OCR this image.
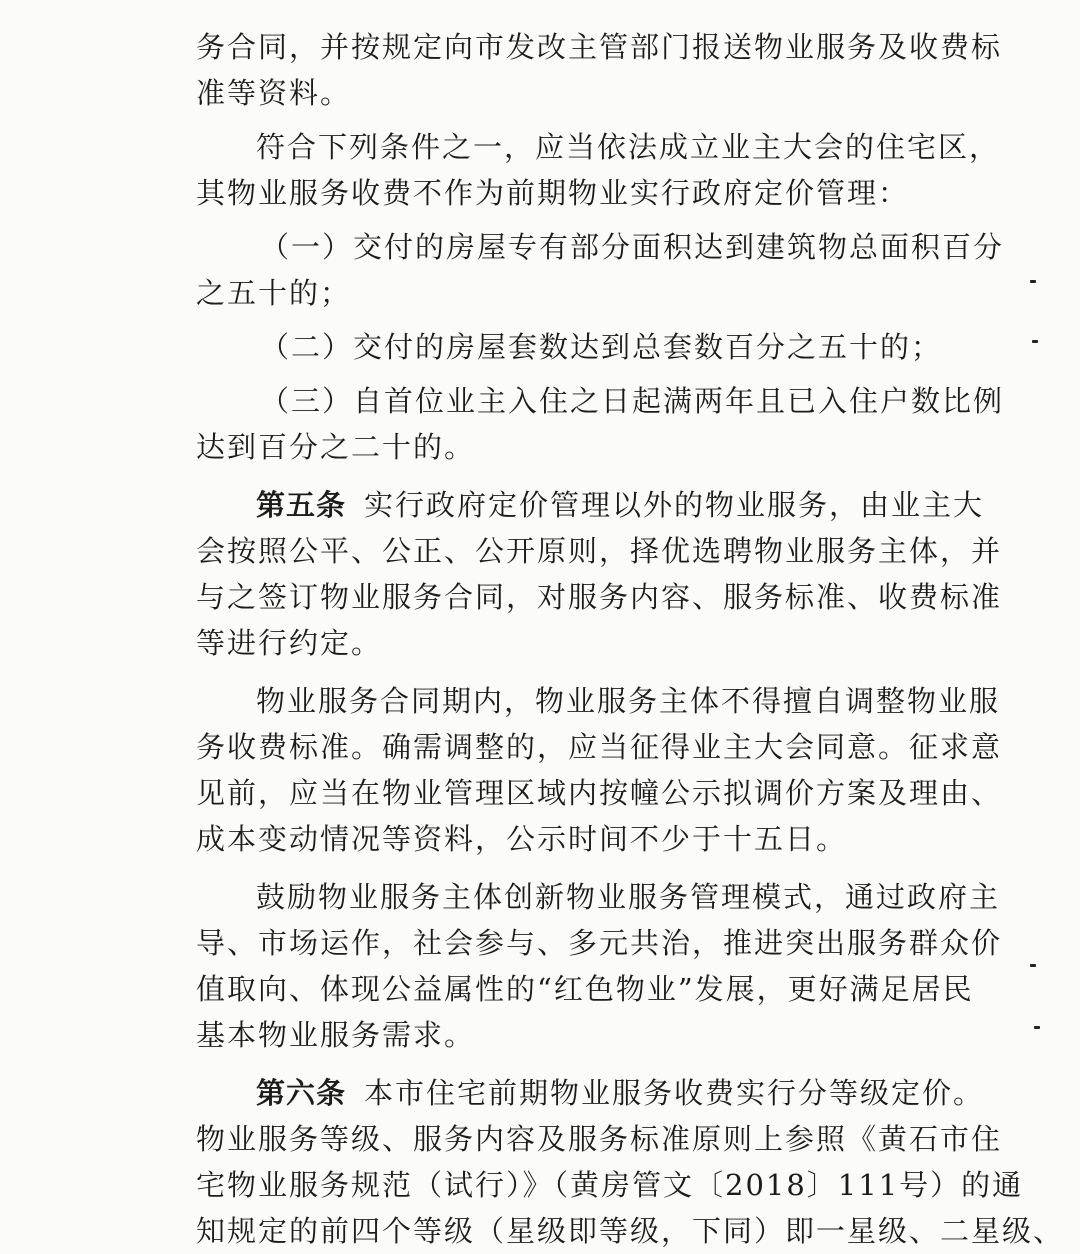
务合同，并按规定向市发改主管部门报送物业服务及收费标
准等资料。
符合下列条件之一，应当依法成立业主大会的住宅区，
其物业服务收费不作为前期物业实行政府定价管理：
（一）交付的房屋专有部分面积达到建筑物总面积百分
之五十的；
（二）交付的房屋套数达到总套数百分之五十的；
（三）自首位业主入住之日起满两年且已入住户数比例
达到百分之二十的。
第五条 实行政府定价管理以外的物业服务，由业主大
会按照公平、公正、公开原则，择优选聘物业服务主体，并
与之签订物业服务合同，对服务内容、服务标准、收费标准
等进行约定。
物业服务合同期内，物业服务主体不得擅自调整物业服
务收费标准。确需调整的，应当征得业主大会同意。征求意
见前，应当在物业管理区域内按幢公示拟调价方案及理由、
成本变动情况等资料，公示时间不少于十五日。
鼓励物业服务主体创新物业服务管理模式，通过政府主
导、市场运作，社会参与、多元共治，推进突出服务群众价
值取向、体现公益属性的“红色物业”发展，更好满足居民
基本物业服务需求。
第六条 本市住宅前期物业服务收费实行分等级定价。
物业服务等级、服务内容及服务标准原则上参照《黄石市住
宅物业服务规范（试行）》（黄房管文〔2018〕111号）的通
知规定的前四个等级（星级即等级，下同）即一星级、二星级、
